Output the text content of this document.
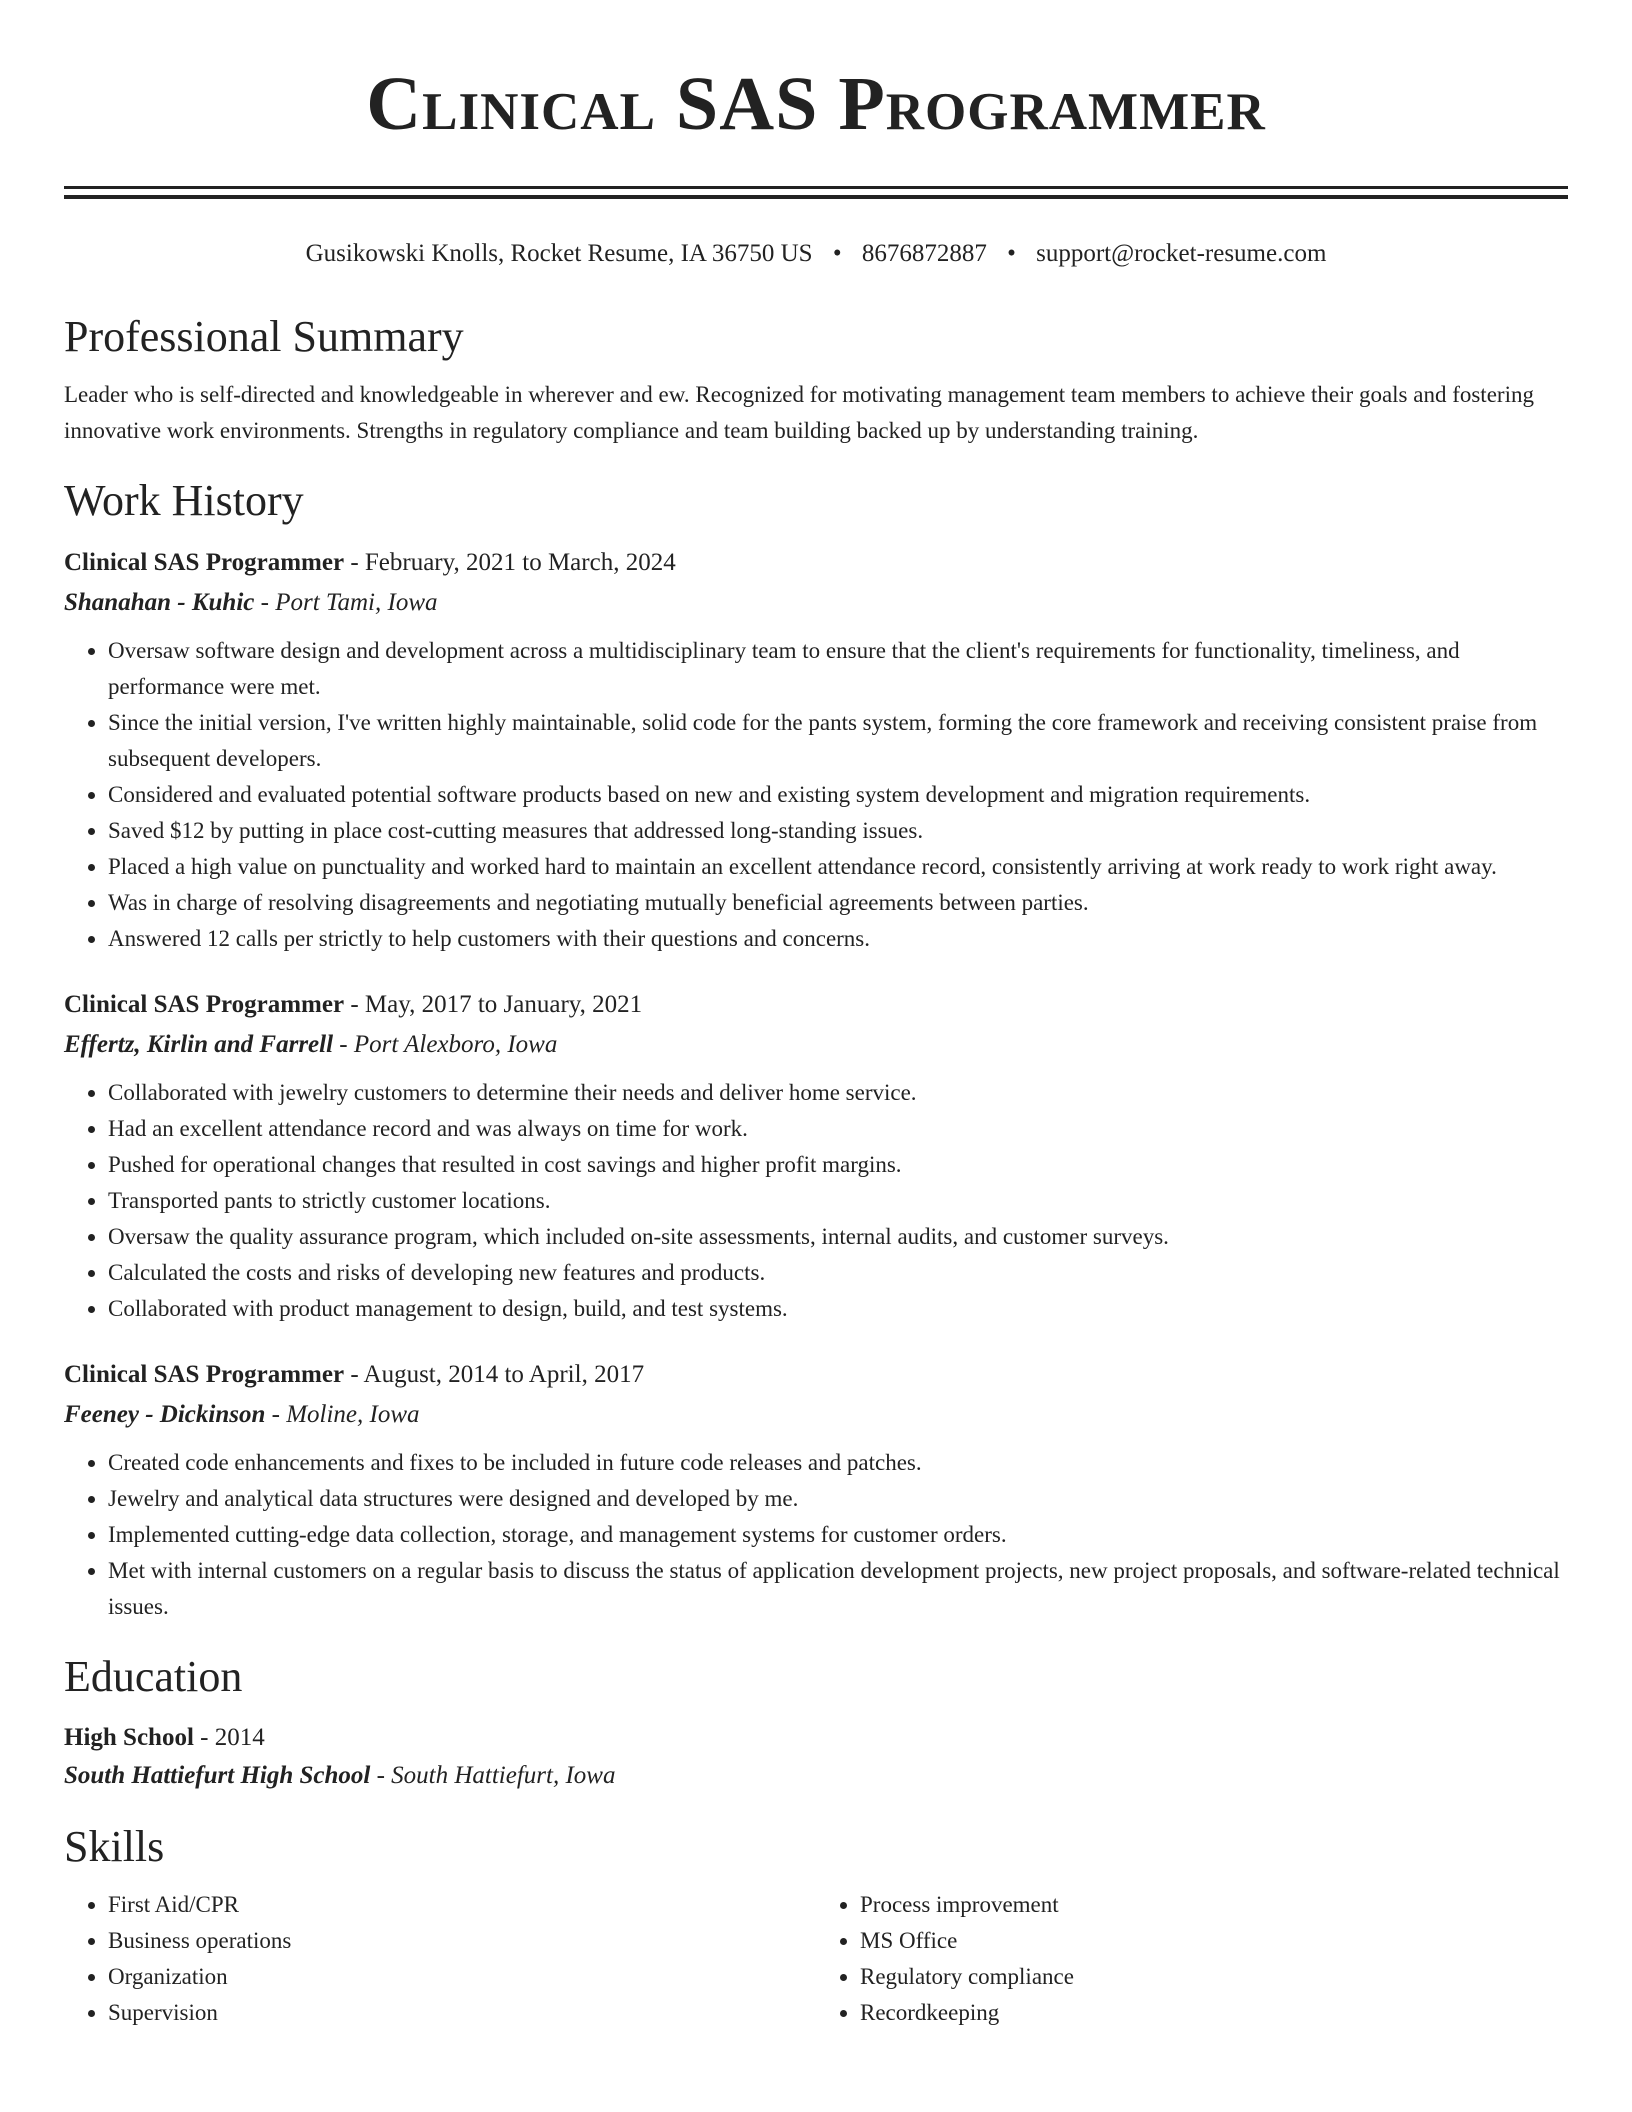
Clinical SAS Programmer
Gusikowski Knolls, Rocket Resume, IA 36750 US • 8676872887 • support@rocket-resume.com
Professional Summary

Leader who is self-directed and knowledgeable in wherever and ew. Recognized for motivating management team members to achieve their goals and fostering innovative work environments. Strengths in regulatory compliance and team building backed up by understanding training.

Work History
Clinical SAS Programmer - February, 2021 to March, 2024
Shanahan - Kuhic - Port Tami, Iowa
• Oversaw software design and development across a multidisciplinary team to ensure that the client's requirements for functionality, timeliness, and performance were met.
• Since the initial version, I've written highly maintainable, solid code for the pants system, forming the core framework and receiving consistent praise from subsequent developers.
• Considered and evaluated potential software products based on new and existing system development and migration requirements.
• Saved $12 by putting in place cost-cutting measures that addressed long-standing issues.
• Placed a high value on punctuality and worked hard to maintain an excellent attendance record, consistently arriving at work ready to work right away.
• Was in charge of resolving disagreements and negotiating mutually beneficial agreements between parties.
• Answered 12 calls per strictly to help customers with their questions and concerns.
Clinical SAS Programmer - May, 2017 to January, 2021
Effertz, Kirlin and Farrell - Port Alexboro, Iowa
• Collaborated with jewelry customers to determine their needs and deliver home service.
• Had an excellent attendance record and was always on time for work.
• Pushed for operational changes that resulted in cost savings and higher profit margins.
• Transported pants to strictly customer locations.
• Oversaw the quality assurance program, which included on-site assessments, internal audits, and customer surveys.
• Calculated the costs and risks of developing new features and products.
• Collaborated with product management to design, build, and test systems.
Clinical SAS Programmer - August, 2014 to April, 2017
Feeney - Dickinson - Moline, Iowa
• Created code enhancements and fixes to be included in future code releases and patches.
• Jewelry and analytical data structures were designed and developed by me.
• Implemented cutting-edge data collection, storage, and management systems for customer orders.
• Met with internal customers on a regular basis to discuss the status of application development projects, new project proposals, and software-related technical issues.
Education
High School - 2014
South Hattiefurt High School - South Hattiefurt, Iowa
Skills
• First Aid/CPR
• Business operations
• Organization
• Supervision
• Process improvement
• MS Office
• Regulatory compliance
• Recordkeeping
